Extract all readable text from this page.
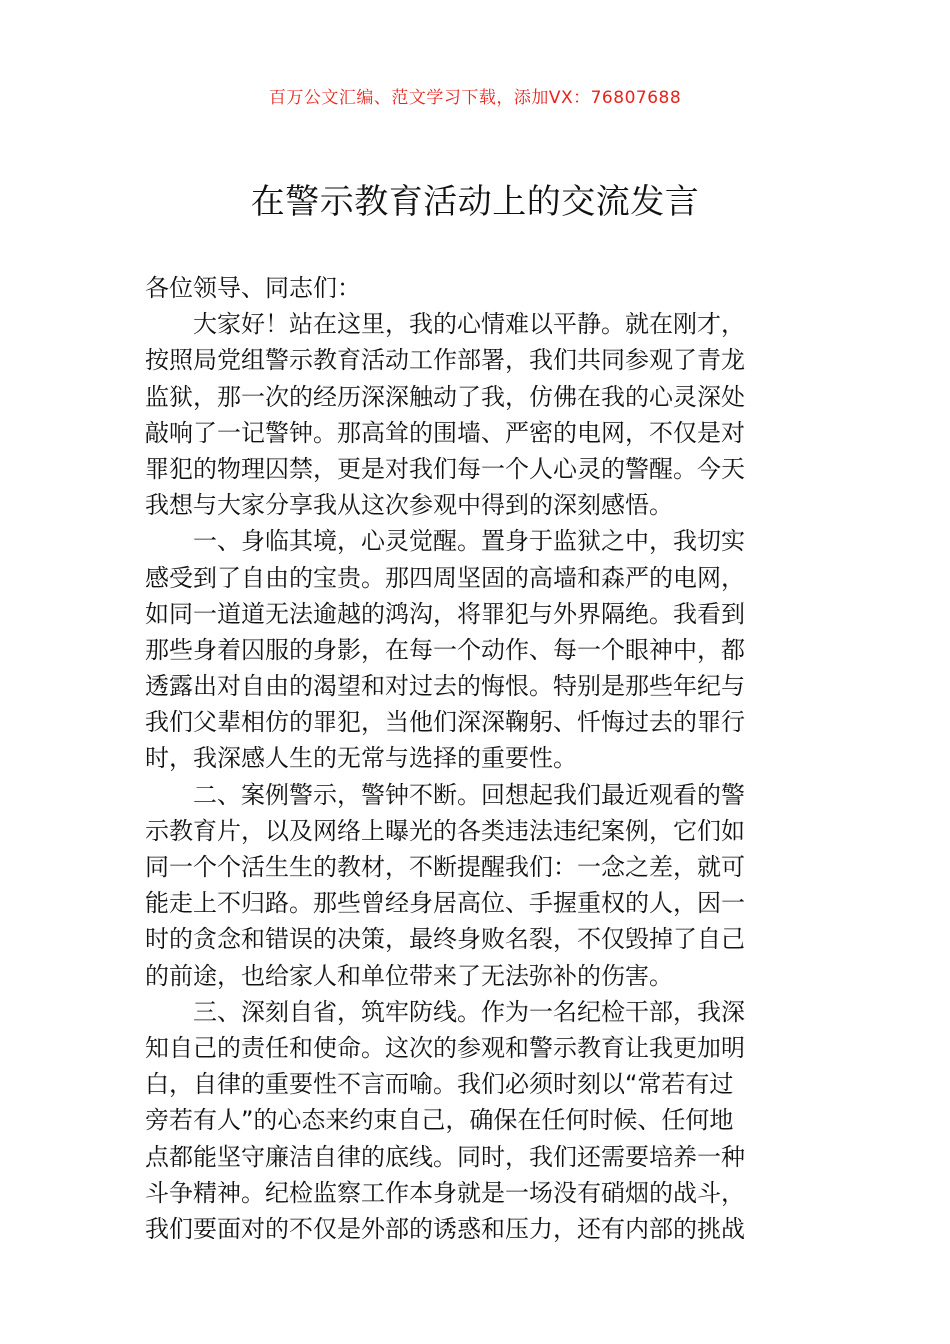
百万公文汇编、范文学习下载，添加VX：76807688
在警示教育活动上的交流发言
各位领导、同志们：
大家好！站在这里，我的心情难以平静。就在刚才，
按照局党组警示教育活动工作部署，我们共同参观了青龙
监狱，那一次的经历深深触动了我，仿佛在我的心灵深处
敲响了一记警钟。那高耸的围墙、严密的电网，不仅是对
罪犯的物理囚禁，更是对我们每一个人心灵的警醒。今天
我想与大家分享我从这次参观中得到的深刻感悟。
一、身临其境，心灵觉醒。置身于监狱之中，我切实
感受到了自由的宝贵。那四周坚固的高墙和森严的电网，
如同一道道无法逾越的鸿沟，将罪犯与外界隔绝。我看到
那些身着囚服的身影，在每一个动作、每一个眼神中，都
透露出对自由的渴望和对过去的悔恨。特别是那些年纪与
我们父辈相仿的罪犯，当他们深深鞠躬、忏悔过去的罪行
时，我深感人生的无常与选择的重要性。
二、案例警示，警钟不断。回想起我们最近观看的警
示教育片，以及网络上曝光的各类违法违纪案例，它们如
同一个个活生生的教材，不断提醒我们：一念之差，就可
能走上不归路。那些曾经身居高位、手握重权的人，因一
时的贪念和错误的决策，最终身败名裂，不仅毁掉了自己
的前途，也给家人和单位带来了无法弥补的伤害。
三、深刻自省，筑牢防线。作为一名纪检干部，我深
知自己的责任和使命。这次的参观和警示教育让我更加明
白，自律的重要性不言而喻。我们必须时刻以“常若有过
旁若有人”的心态来约束自己，确保在任何时候、任何地
点都能坚守廉洁自律的底线。同时，我们还需要培养一种
斗争精神。纪检监察工作本身就是一场没有硝烟的战斗，
我们要面对的不仅是外部的诱惑和压力，还有内部的挑战
